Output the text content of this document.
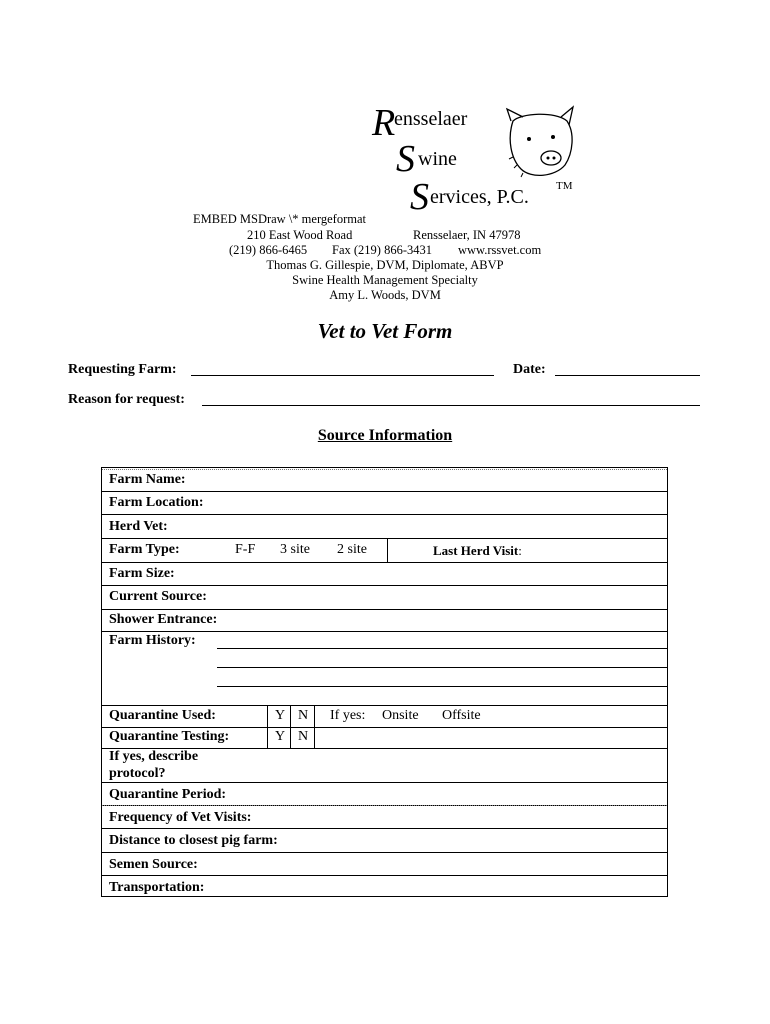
R
ensselaer
S wine
S ervices, P.C. TM
EMBED MSDraw \* mergeformat
210 East Wood Road	Rensselaer, IN 47978
(219) 866-6465 Fax (219) 866-3431 www.rssvet.com
Thomas G. Gillespie, DVM, Diplomate, ABVP
Swine Health Management Specialty
Amy L. Woods, DVM
Vet to Vet Form
Requesting Farm:	Date:
Reason for request:
Source Information
Farm Name:
Farm Location:
Herd Vet:
Farm Type:	F-F 3 site 2 site	Last Herd Visit:
Farm Size:
Current Source:
Shower Entrance:
Farm History:
Quarantine Used:	Y N If yes: Onsite Offsite
Quarantine Testing:	Y N
If yes, describe
protocol?
Quarantine Period:
Frequency of Vet Visits:
Distance to closest pig farm:
Semen Source:
Transportation:
